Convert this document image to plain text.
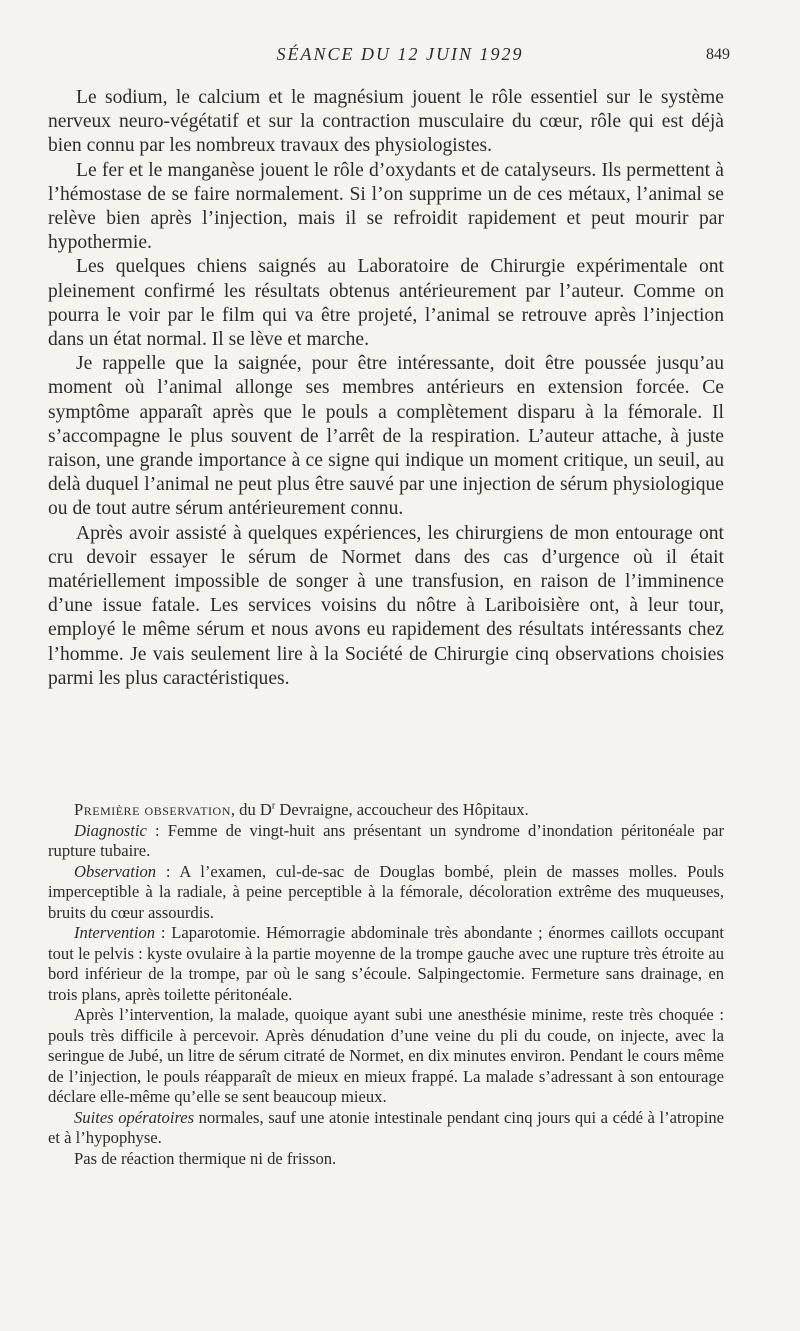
SÉANCE DU 12 JUIN 1929	849

Le sodium, le calcium et le magnésium jouent le rôle essentiel sur le système nerveux neuro-végétatif et sur la contraction musculaire du cœur, rôle qui est déjà bien connu par les nombreux travaux des physiologistes.

Le fer et le manganèse jouent le rôle d’oxydants et de catalyseurs. Ils permettent à l’hémostase de se faire normalement. Si l’on supprime un de ces métaux, l’animal se relève bien après l’injection, mais il se refroidit rapidement et peut mourir par hypothermie.

Les quelques chiens saignés au Laboratoire de Chirurgie expérimentale ont pleinement confirmé les résultats obtenus antérieurement par l’auteur. Comme on pourra le voir par le film qui va être projeté, l’animal se retrouve après l’injection dans un état normal. Il se lève et marche.

Je rappelle que la saignée, pour être intéressante, doit être poussée jusqu’au moment où l’animal allonge ses membres antérieurs en extension forcée. Ce symptôme apparaît après que le pouls a complètement disparu à la fémorale. Il s’accompagne le plus souvent de l’arrêt de la respiration. L’auteur attache, à juste raison, une grande importance à ce signe qui indique un moment critique, un seuil, au delà duquel l’animal ne peut plus être sauvé par une injection de sérum physiologique ou de tout autre sérum antérieurement connu.

Après avoir assisté à quelques expériences, les chirurgiens de mon entourage ont cru devoir essayer le sérum de Normet dans des cas d’urgence où il était matériellement impossible de songer à une transfusion, en raison de l’imminence d’une issue fatale. Les services voisins du nôtre à Lariboisière ont, à leur tour, employé le même sérum et nous avons eu rapidement des résultats intéressants chez l’homme. Je vais seulement lire à la Société de Chirurgie cinq observations choisies parmi les plus caractéristiques.

Première observation, du $D^r$ Devraigne, accoucheur des Hôpitaux.

Diagnostic : Femme de vingt-huit ans présentant un syndrome d’inondation péritonéale par rupture tubaire.

Observation : A l’examen, cul-de-sac de Douglas bombé, plein de masses molles. Pouls imperceptible à la radiale, à peine perceptible à la fémorale, décoloration extrême des muqueuses, bruits du cœur assourdis.

Intervention : Laparotomie. Hémorragie abdominale très abondante ; énormes caillots occupant tout le pelvis : kyste ovulaire à la partie moyenne de la trompe gauche avec une rupture très étroite au bord inférieur de la trompe, par où le sang s’écoule. Salpingectomie. Fermeture sans drainage, en trois plans, après toilette péritonéale.

Après l’intervention, la malade, quoique ayant subi une anesthésie minime, reste très choquée : pouls très difficile à percevoir. Après dénudation d’une veine du pli du coude, on injecte, avec la seringue de Jubé, un litre de sérum citraté de Normet, en dix minutes environ. Pendant le cours même de l’injection, le pouls réapparaît de mieux en mieux frappé. La malade s’adressant à son entourage déclare elle-même qu’elle se sent beaucoup mieux.

Suites opératoires normales, sauf une atonie intestinale pendant cinq jours qui a cédé à l’atropine et à l’hypophyse.

Pas de réaction thermique ni de frisson.
